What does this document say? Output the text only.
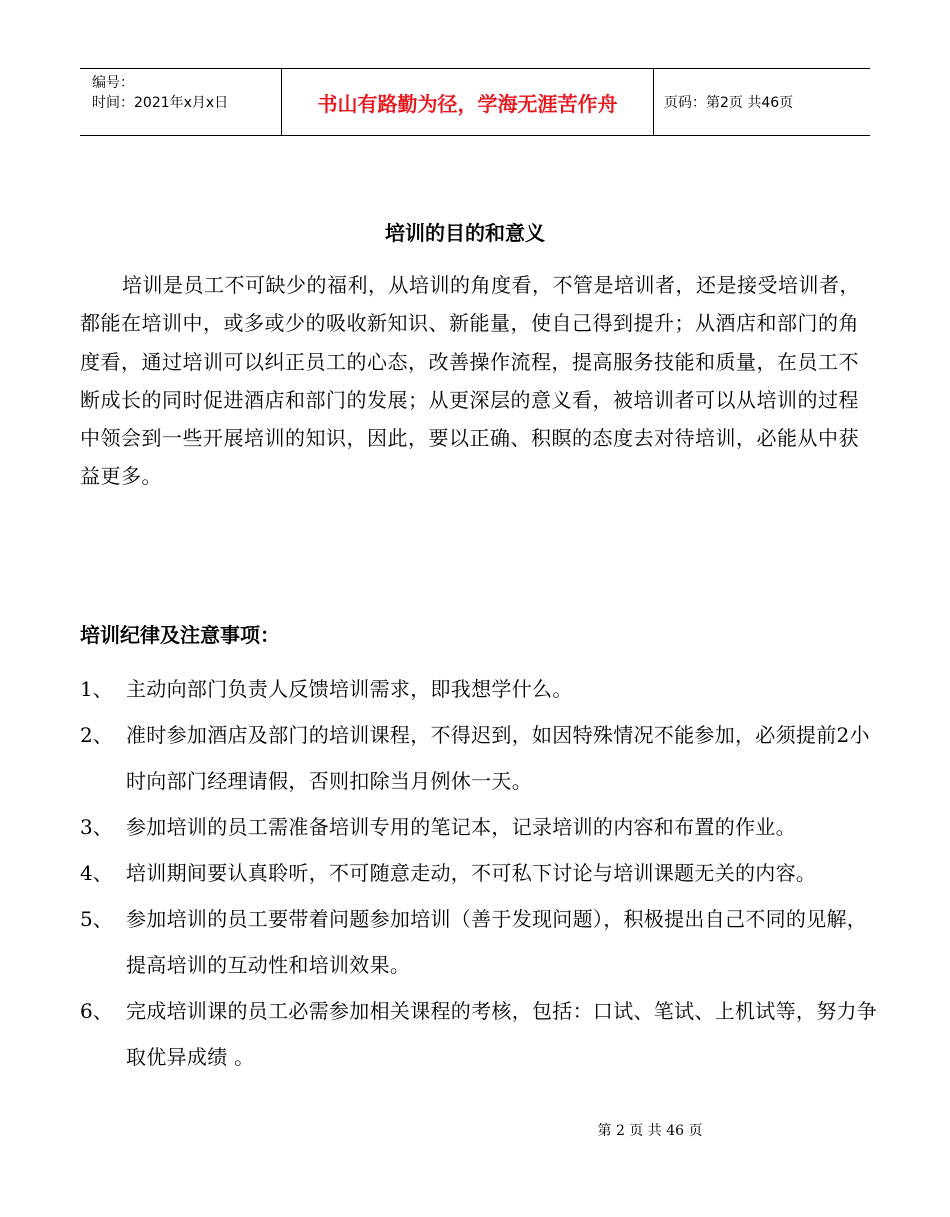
编号：
时间：2021年x月x日	书山有路勤为径，学海无涯苦作舟	页码：第2页 共46页
培训的目的和意义

培训是员工不可缺少的福利，从培训的角度看，不管是培训者，还是接受培训者，都能在培训中，或多或少的吸收新知识、新能量，使自己得到提升；从酒店和部门的角度看，通过培训可以纠正员工的心态，改善操作流程，提高服务技能和质量，在员工不断成长的同时促进酒店和部门的发展；从更深层的意义看，被培训者可以从培训的过程中领会到一些开展培训的知识，因此，要以正确、积瞑的态度去对待培训，必能从中获益更多。

培训纪律及注意事项：
1、 主动向部门负责人反馈培训需求，即我想学什么。
2、 准时参加酒店及部门的培训课程，不得迟到，如因特殊情况不能参加，必须提前2小时向部门经理请假，否则扣除当月例休一天。
3、 参加培训的员工需准备培训专用的笔记本，记录培训的内容和布置的作业。
4、 培训期间要认真聆听，不可随意走动，不可私下讨论与培训课题无关的内容。
5、 参加培训的员工要带着问题参加培训（善于发现问题），积极提出自己不同的见解，提高培训的互动性和培训效果。
6、 完成培训课的员工必需参加相关课程的考核，包括：口试、笔试、上机试等，努力争取优异成绩 。
第 2 页 共 46 页
